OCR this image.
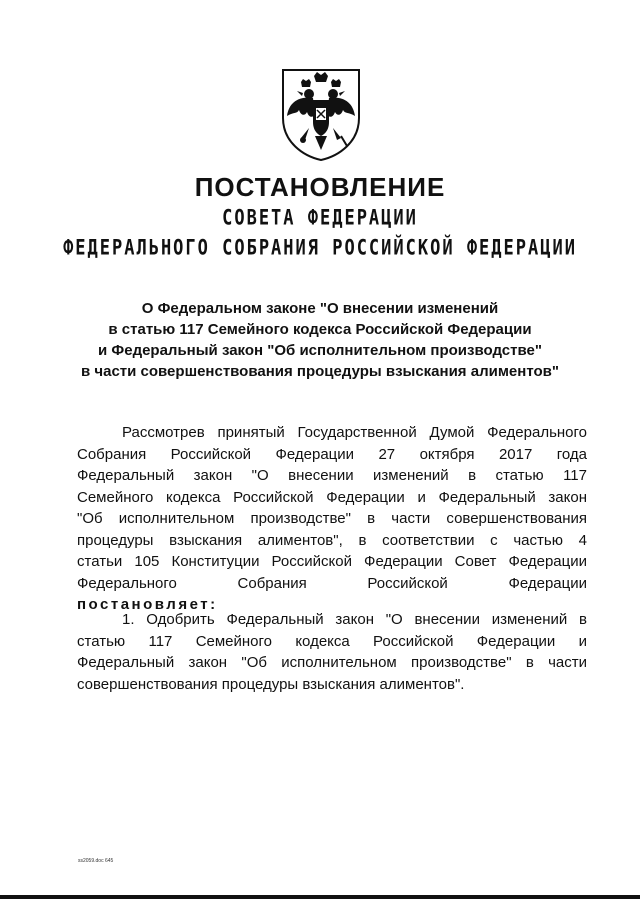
ПОСТАНОВЛЕНИЕ
СОВЕТА ФЕДЕРАЦИИ
ФЕДЕРАЛЬНОГО СОБРАНИЯ РОССИЙСКОЙ ФЕДЕРАЦИИ
О Федеральном законе "О внесении изменений
в статью 117 Семейного кодекса Российской Федерации
и Федеральный закон "Об исполнительном производстве"
в части совершенствования процедуры взыскания алиментов"
Рассмотрев принятый Государственной Думой Федерального
Собрания Российской Федерации 27 октября 2017 года
Федеральный закон "О внесении изменений в статью 117
Семейного кодекса Российской Федерации и Федеральный закон
"Об исполнительном производстве" в части совершенствования
процедуры взыскания алиментов", в соответствии с частью 4
статьи 105 Конституции Российской Федерации Совет Федерации
Федерального Собрания Российской Федерации
постановляет:
1. Одобрить Федеральный закон "О внесении изменений в
статью 117 Семейного кодекса Российской Федерации и
Федеральный закон "Об исполнительном производстве" в части
совершенствования процедуры взыскания алиментов".
ss2059.doc 645
